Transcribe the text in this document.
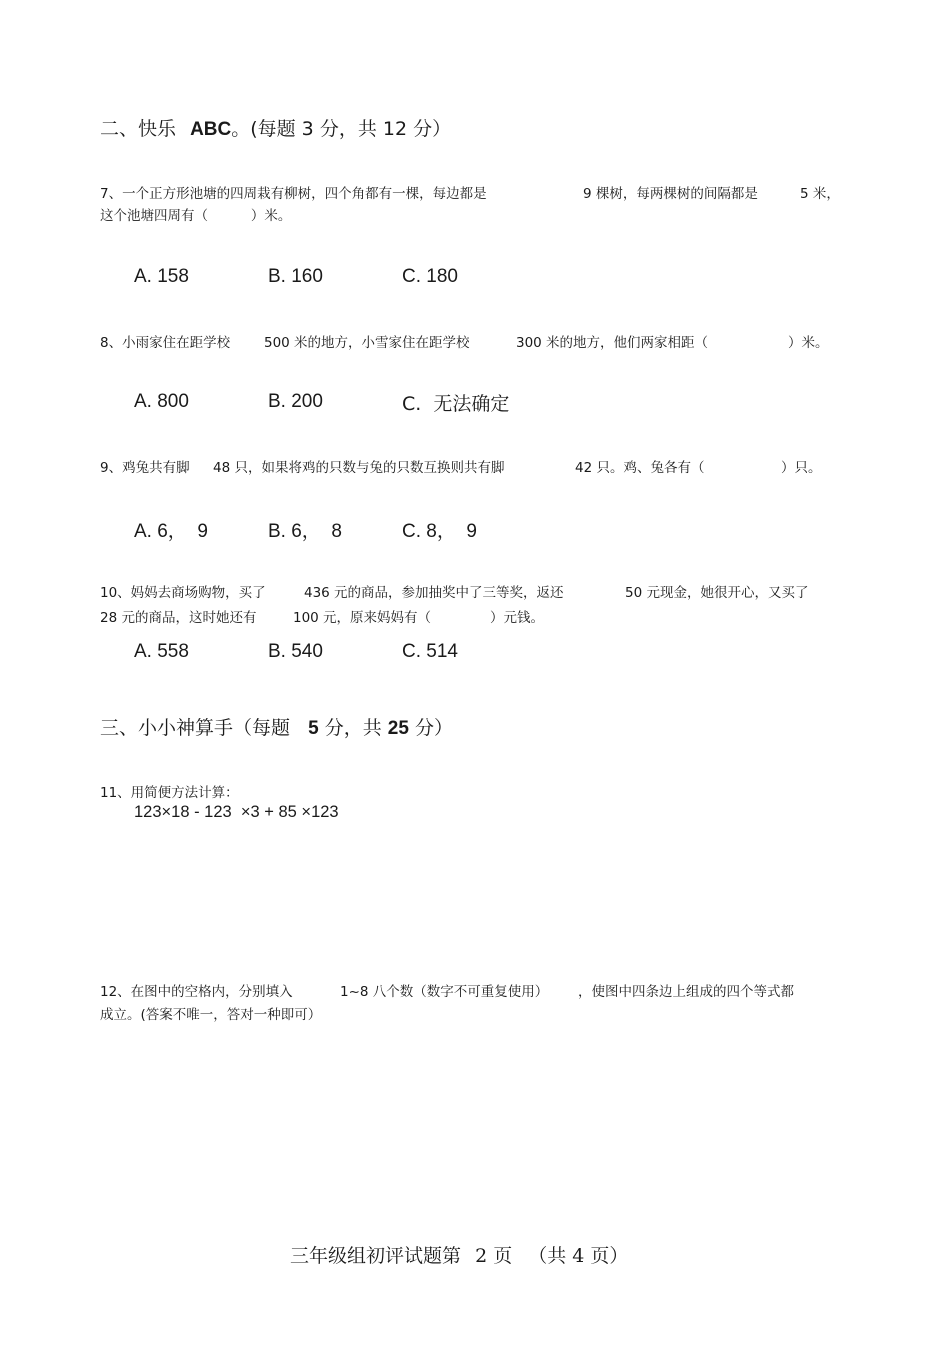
二、快乐 ABC。(每题 3 分，共 12 分）
7、一个正方形池塘的四周栽有柳树，四个角都有一棵，每边都是	9 棵树，每两棵树的间隔都是	5 米，
这个池塘四周有（          ）米。
A. 158	B. 160	C. 180
8、小雨家住在距学校	500 米的地方，小雪家住在距学校	300 米的地方，他们两家相距（	）米。
A. 800	B. 200	C.  无法确定
9、鸡兔共有脚 48 只，如果将鸡的只数与兔的只数互换则共有脚	42 只。鸡、兔各有（	）只。
A. 6，  9	B. 6，  8	C. 8，  9
10、妈妈去商场购物，买了	436 元的商品，参加抽奖中了三等奖，返还	50 元现金，她很开心，又买了
28 元的商品，这时她还有	100 元，原来妈妈有（	）元钱。
A. 558	B. 540	C. 514
三、小小神算手（每题 5 分，共 25 分）
11、用简便方法计算：
123×18 - 123  ×3 + 85 ×123
12、在图中的空格内，分别填入	1~8 八个数（数字不可重复使用） ，使图中四条边上组成的四个等式都
成立。(答案不唯一，答对一种即可）
三年级组初评试题第 2 页 （共 4 页）
